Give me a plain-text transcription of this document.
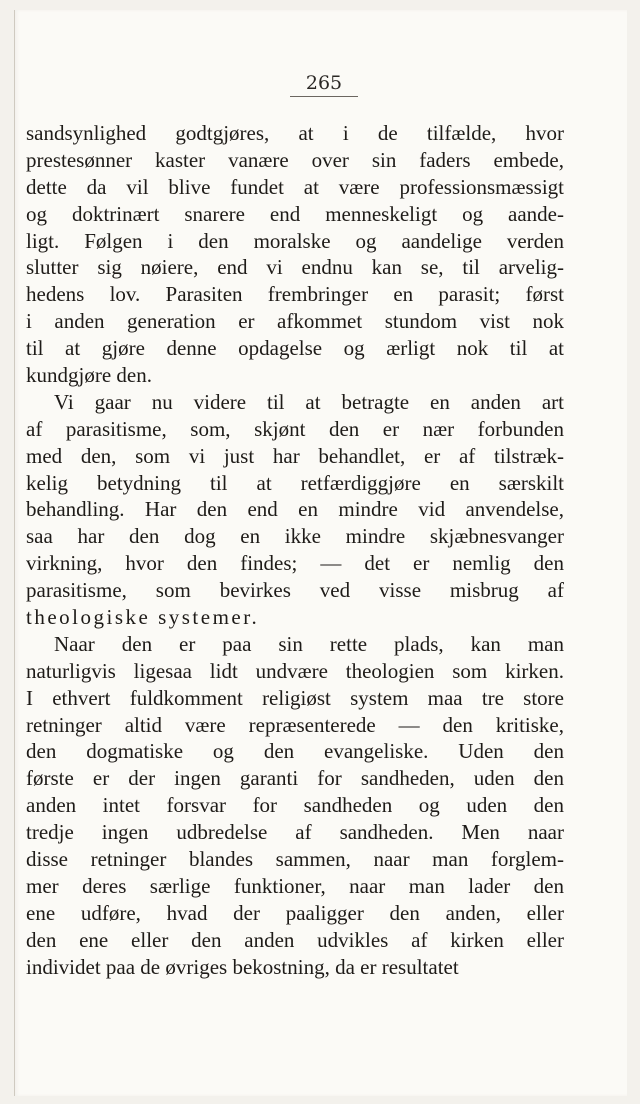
265
sandsynlighed godtgjøres, at i de tilfælde, hvor
prestesønner kaster vanære over sin faders embede,
dette da vil blive fundet at være professionsmæssigt
og doktrinært snarere end menneskeligt og aande-
ligt. Følgen i den moralske og aandelige verden
slutter sig nøiere, end vi endnu kan se, til arvelig-
hedens lov. Parasiten frembringer en parasit; først
i anden generation er afkommet stundom vist nok
til at gjøre denne opdagelse og ærligt nok til at
kundgjøre den.
Vi gaar nu videre til at betragte en anden art
af parasitisme, som, skjønt den er nær forbunden
med den, som vi just har behandlet, er af tilstræk-
kelig betydning til at retfærdiggjøre en særskilt
behandling. Har den end en mindre vid anvendelse,
saa har den dog en ikke mindre skjæbnesvanger
virkning, hvor den findes; — det er nemlig den
parasitisme, som bevirkes ved visse misbrug af
theologiske systemer.
Naar den er paa sin rette plads, kan man
naturligvis ligesaa lidt undvære theologien som kirken.
I ethvert fuldkomment religiøst system maa tre store
retninger altid være repræsenterede — den kritiske,
den dogmatiske og den evangeliske. Uden den
første er der ingen garanti for sandheden, uden den
anden intet forsvar for sandheden og uden den
tredje ingen udbredelse af sandheden. Men naar
disse retninger blandes sammen, naar man forglem-
mer deres særlige funktioner, naar man lader den
ene udføre, hvad der paaligger den anden, eller
den ene eller den anden udvikles af kirken eller
individet paa de øvriges bekostning, da er resultatet
